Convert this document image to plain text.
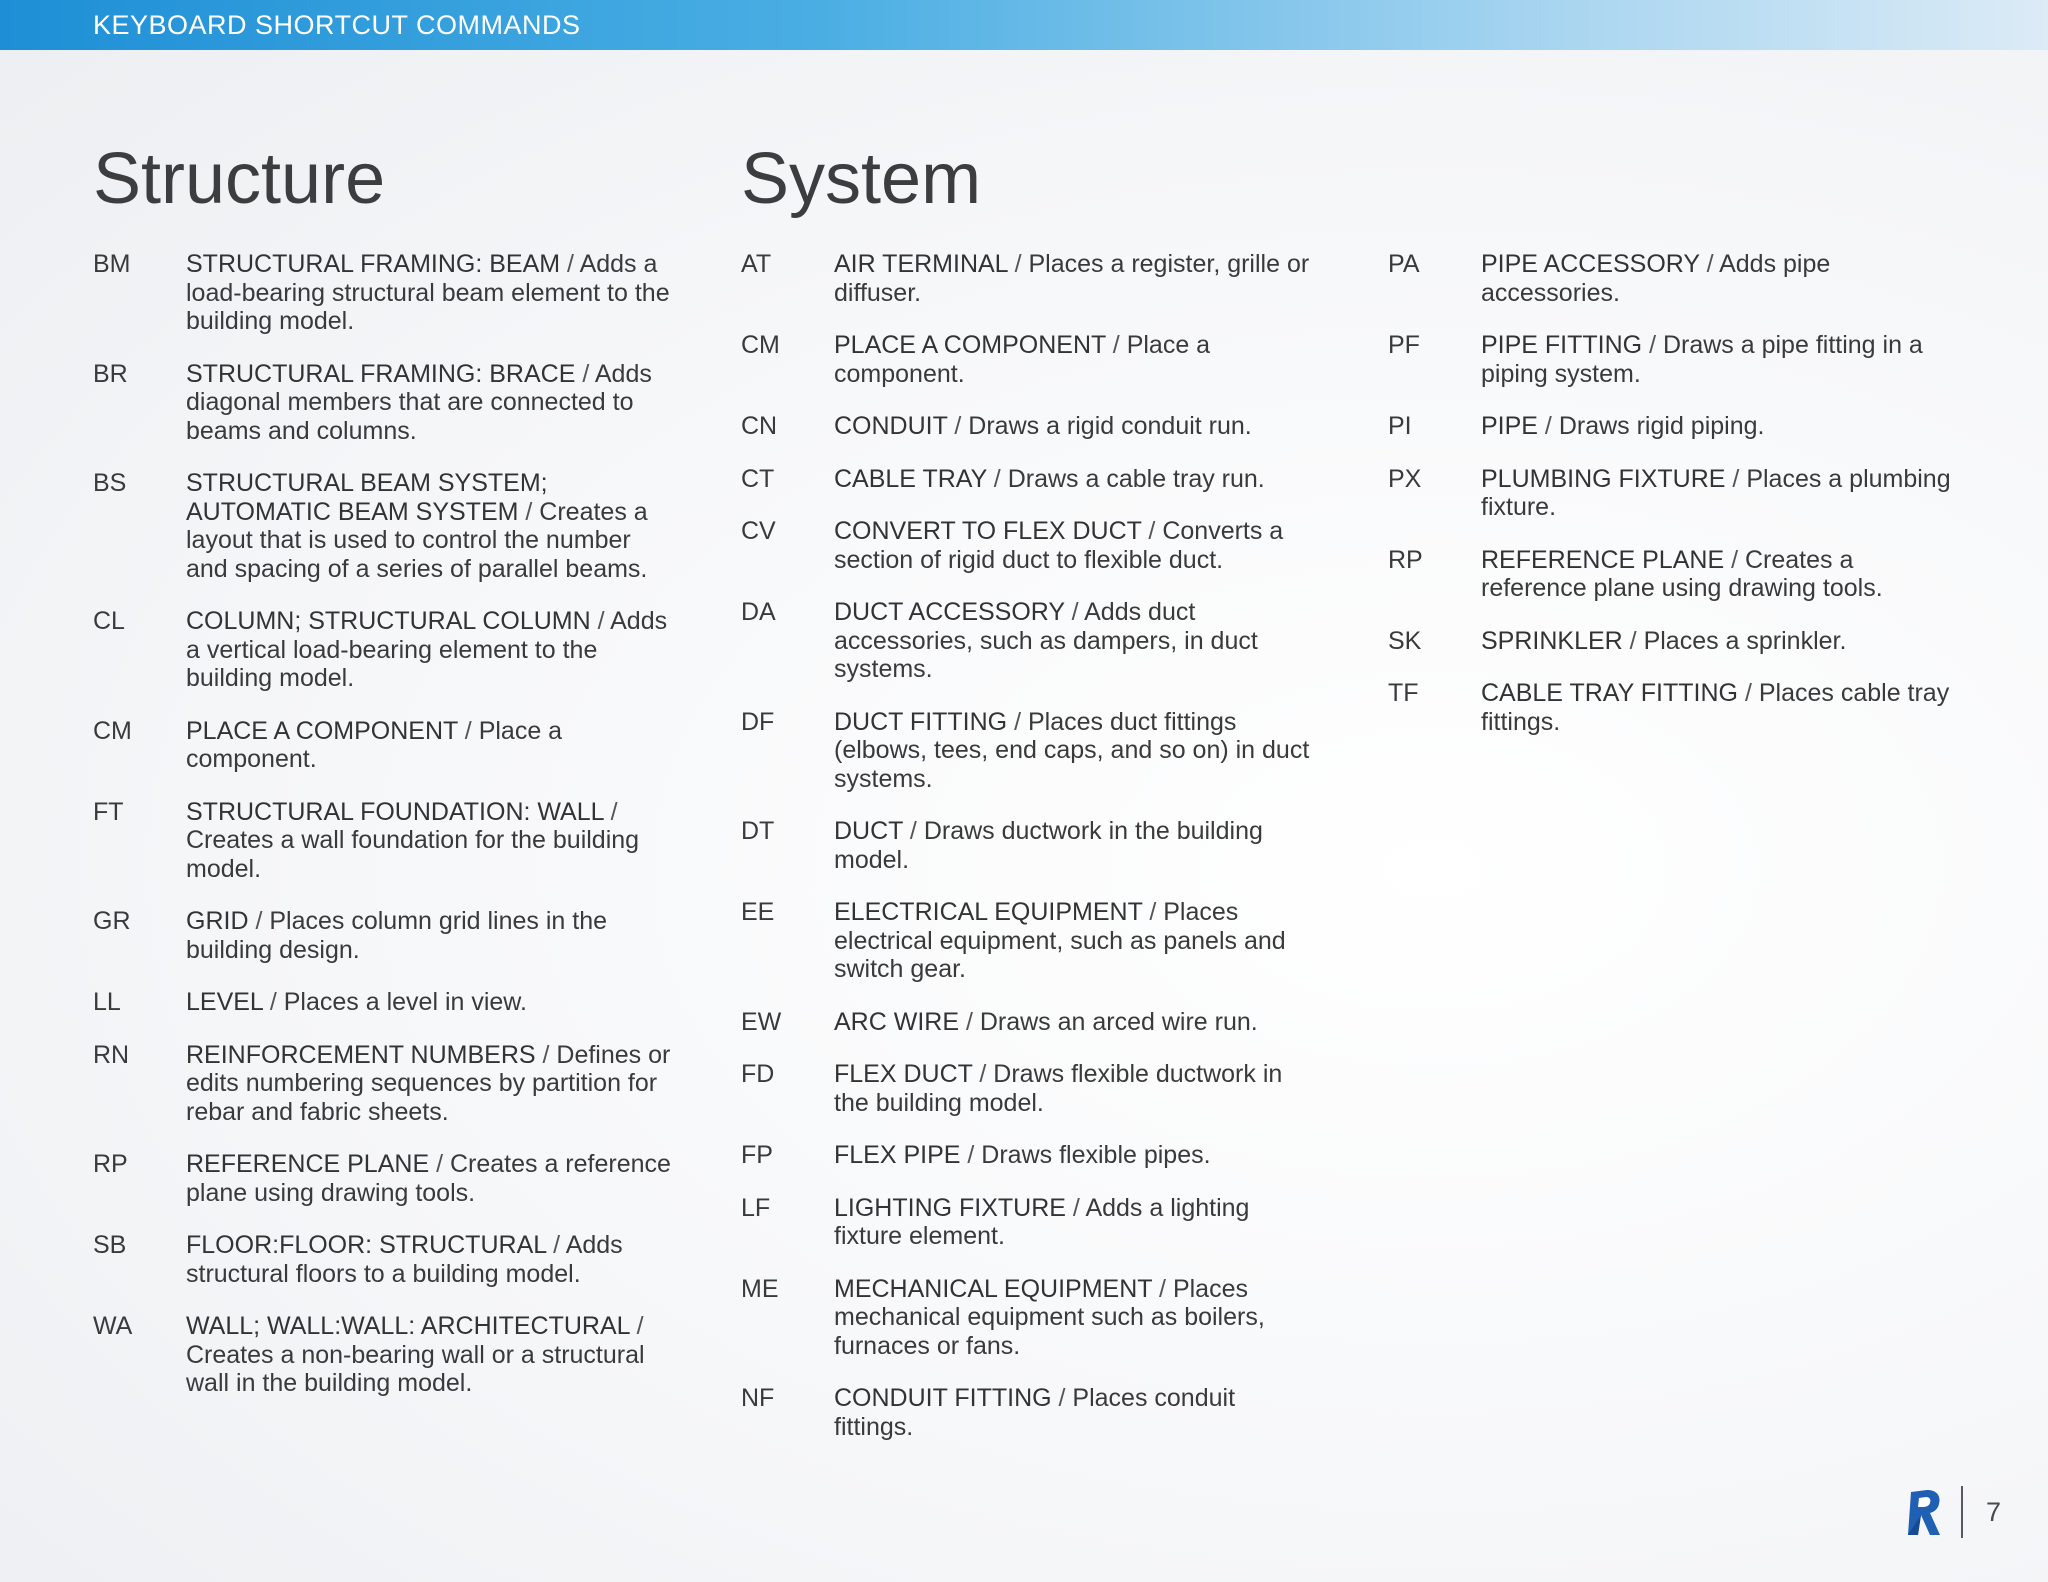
KEYBOARD SHORTCUT COMMANDS
Structure	System
BM	STRUCTURAL FRAMING: BEAM / Adds a load-bearing structural beam element to the building model.
BR	STRUCTURAL FRAMING: BRACE / Adds diagonal members that are connected to beams and columns.
BS	STRUCTURAL BEAM SYSTEM; AUTOMATIC BEAM SYSTEM / Creates a layout that is used to control the number and spacing of a series of parallel beams.
CL	COLUMN; STRUCTURAL COLUMN / Adds a vertical load-bearing element to the building model.
CM	PLACE A COMPONENT / Place a component.
FT	STRUCTURAL FOUNDATION: WALL / Creates a wall foundation for the building model.
GR	GRID / Places column grid lines in the building design.
LL	LEVEL / Places a level in view.
RN	REINFORCEMENT NUMBERS / Defines or edits numbering sequences by partition for rebar and fabric sheets.
RP	REFERENCE PLANE / Creates a reference plane using drawing tools.
SB	FLOOR:FLOOR: STRUCTURAL / Adds structural floors to a building model.
WA	WALL; WALL:WALL: ARCHITECTURAL / Creates a non-bearing wall or a structural wall in the building model.
AT	AIR TERMINAL / Places a register, grille or diffuser.
CM	PLACE A COMPONENT / Place a component.
CN	CONDUIT / Draws a rigid conduit run.
CT	CABLE TRAY / Draws a cable tray run.
CV	CONVERT TO FLEX DUCT / Converts a section of rigid duct to flexible duct.
DA	DUCT ACCESSORY / Adds duct accessories, such as dampers, in duct systems.
DF	DUCT FITTING / Places duct fittings (elbows, tees, end caps, and so on) in duct systems.
DT	DUCT / Draws ductwork in the building model.
EE	ELECTRICAL EQUIPMENT / Places electrical equipment, such as panels and switch gear.
EW	ARC WIRE / Draws an arced wire run.
FD	FLEX DUCT / Draws flexible ductwork in the building model.
FP	FLEX PIPE / Draws flexible pipes.
LF	LIGHTING FIXTURE / Adds a lighting fixture element.
ME	MECHANICAL EQUIPMENT / Places mechanical equipment such as boilers, furnaces or fans.
NF	CONDUIT FITTING / Places conduit fittings.
PA	PIPE ACCESSORY / Adds pipe accessories.
PF	PIPE FITTING / Draws a pipe fitting in a piping system.
PI	PIPE / Draws rigid piping.
PX	PLUMBING FIXTURE / Places a plumbing fixture.
RP	REFERENCE PLANE / Creates a reference plane using drawing tools.
SK	SPRINKLER / Places a sprinkler.
TF	CABLE TRAY FITTING / Places cable tray fittings.
7
